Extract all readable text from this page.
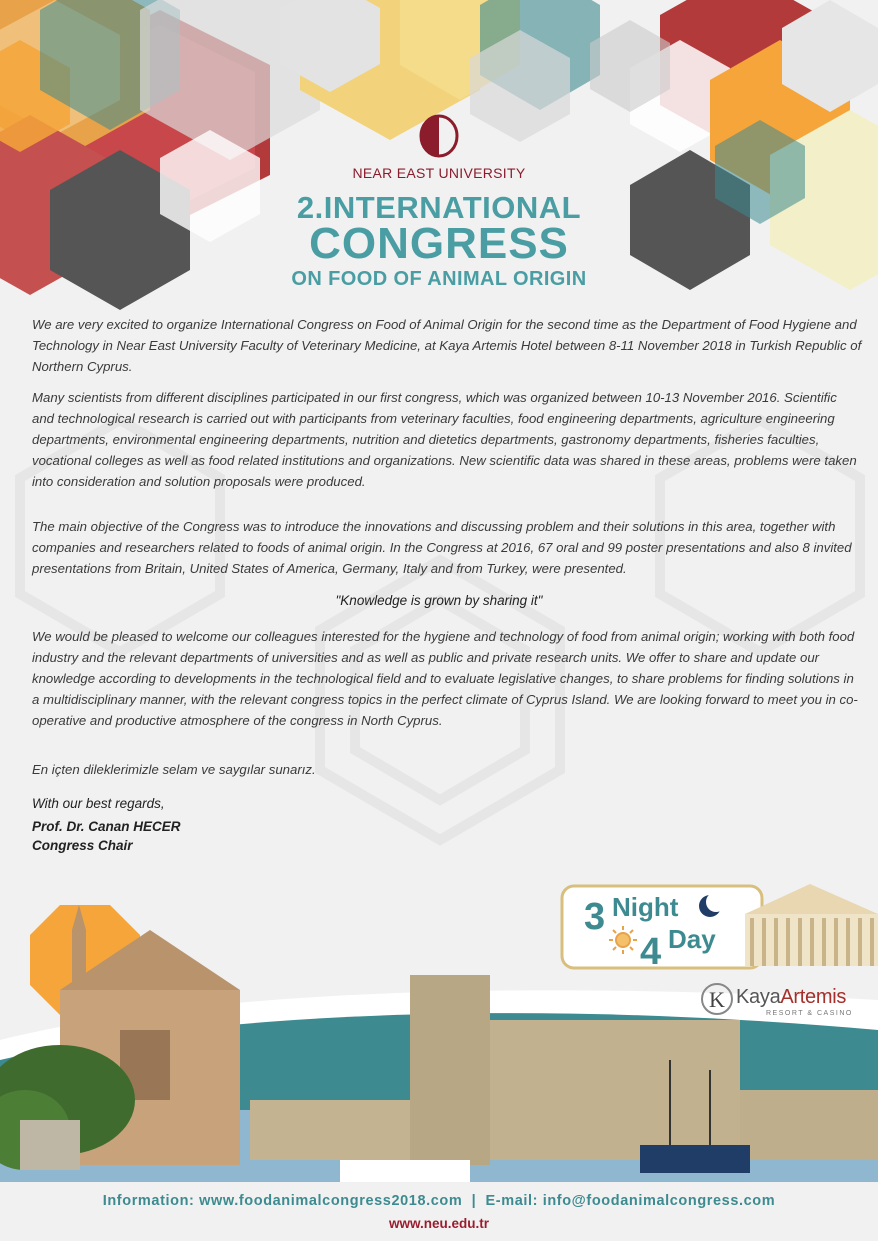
NEAR EAST UNIVERSITY
2.INTERNATIONAL
CONGRESS
ON FOOD OF ANIMAL ORIGIN

We are very excited to organize International Congress on Food of Animal Origin for the second time as the Department of Food Hygiene and Technology in Near East University Faculty of Veterinary Medicine, at Kaya Artemis Hotel between 8-11 November 2018 in Turkish Republic of Northern Cyprus.

Many scientists from different disciplines participated in our first congress, which was organized between 10-13 November 2016. Scientific and technological research is carried out with participants from veterinary faculties, food engineering departments, agriculture engineering departments, environmental engineering departments, nutrition and dietetics departments, gastronomy departments, fisheries faculties, vocational colleges as well as food related institutions and organizations. New scientific data was shared in these areas, problems were taken into consideration and solution proposals were produced.

The main objective of the Congress was to introduce the innovations and discussing problem and their solutions in this area, together with companies and researchers related to foods of animal origin. In the Congress at 2016, 67 oral and 99 poster presentations and also 8 invited presentations from Britain, United States of America, Germany, Italy and from Turkey, were presented.

"Knowledge is grown by sharing it"

We would be pleased to welcome our colleagues interested for the hygiene and technology of food from animal origin; working with both food industry and the relevant departments of universities and as well as public and private research units. We offer to share and update our knowledge according to developments in the technological field and to evaluate legislative changes, to share problems for finding solutions in a multidisciplinary manner, with the relevant congress topics in the perfect climate of Cyprus Island. We are looking forward to meet you in co-operative and productive atmosphere of the congress in North Cyprus.

En içten dileklerimizle selam ve saygılar sunarız.

With our best regards,
Prof. Dr. Canan HECER
Congress Chair
3 Night
4 Day
K KayaArtemis
RESORT & CASINO
Information: www.foodanimalcongress2018.com  |  E-mail: info@foodanimalcongress.com
www.neu.edu.tr
